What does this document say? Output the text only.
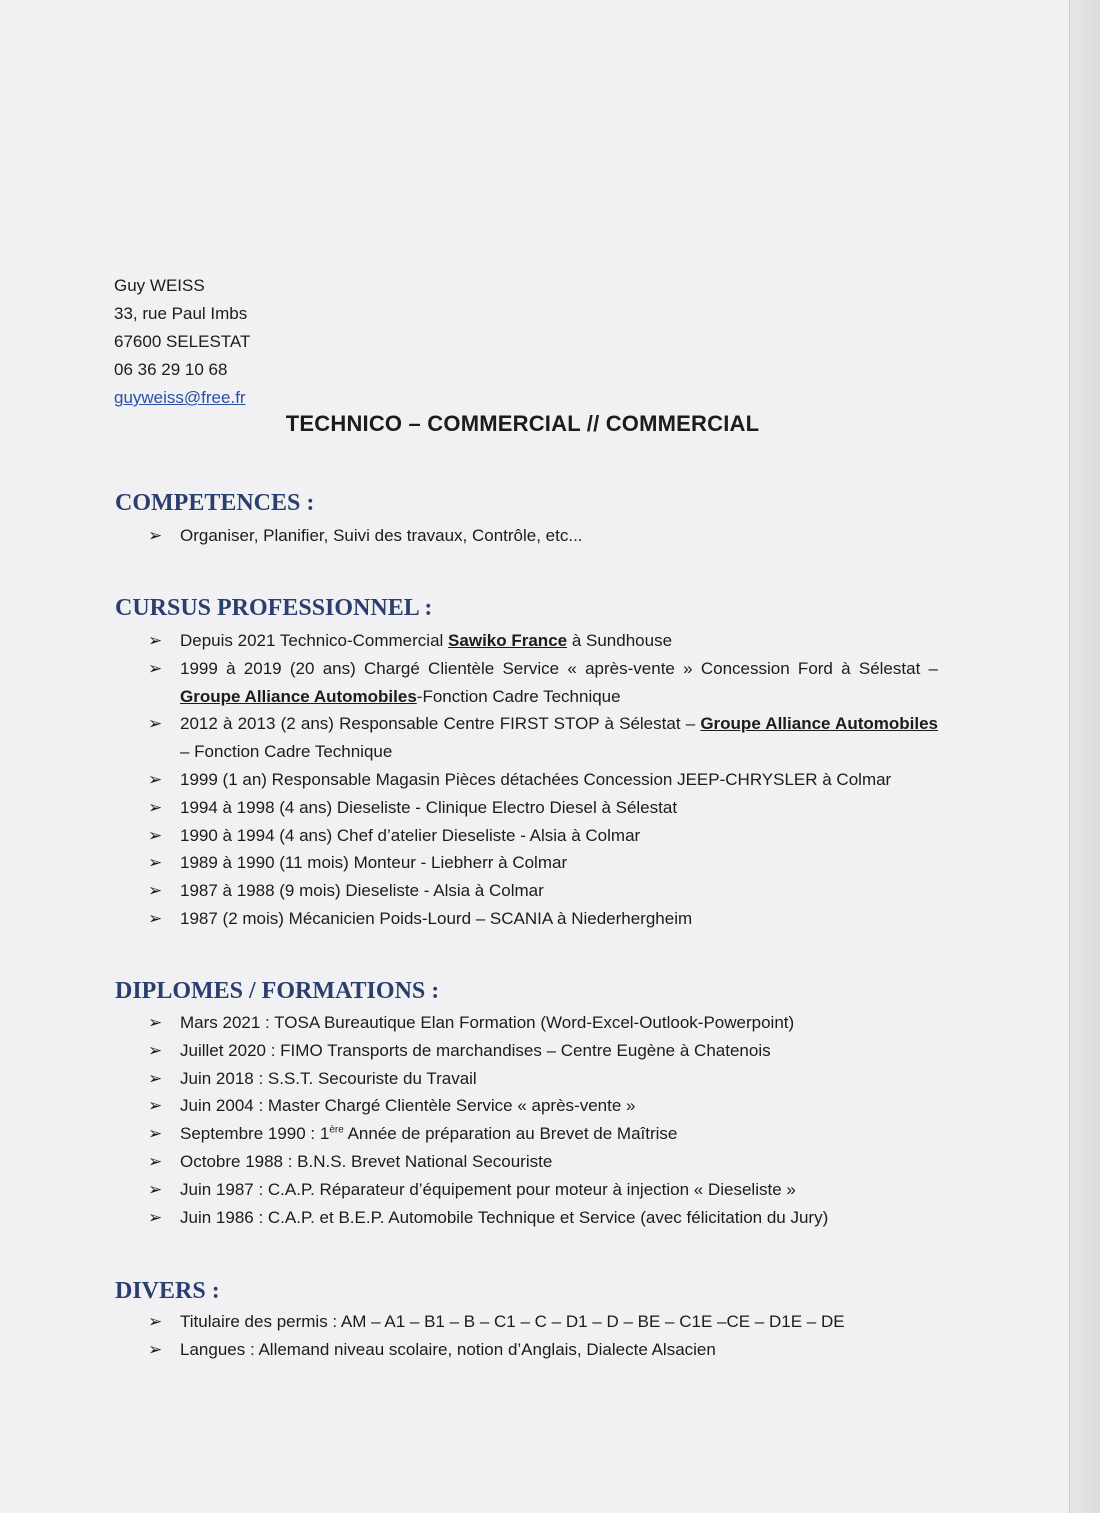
Guy WEISS
33, rue Paul Imbs
67600 SELESTAT
06 36 29 10 68
guyweiss@free.fr
TECHNICO – COMMERCIAL // COMMERCIAL
COMPETENCES :
➢ Organiser, Planifier, Suivi des travaux, Contrôle, etc...
CURSUS PROFESSIONNEL :
➢ Depuis 2021 Technico-Commercial Sawiko France à Sundhouse
➢ 1999 à 2019 (20 ans) Chargé Clientèle Service « après-vente » Concession Ford à Sélestat – Groupe Alliance Automobiles-Fonction Cadre Technique
➢ 2012 à 2013 (2 ans) Responsable Centre FIRST STOP à Sélestat – Groupe Alliance Automobiles – Fonction Cadre Technique
➢ 1999 (1 an) Responsable Magasin Pièces détachées Concession JEEP-CHRYSLER à Colmar
➢ 1994 à 1998 (4 ans) Dieseliste - Clinique Electro Diesel à Sélestat
➢ 1990 à 1994 (4 ans) Chef d’atelier Dieseliste - Alsia à Colmar
➢ 1989 à 1990 (11 mois) Monteur - Liebherr à Colmar
➢ 1987 à 1988 (9 mois) Dieseliste - Alsia à Colmar
➢ 1987 (2 mois) Mécanicien Poids-Lourd – SCANIA à Niederhergheim
DIPLOMES / FORMATIONS :
➢ Mars 2021 : TOSA Bureautique Elan Formation (Word-Excel-Outlook-Powerpoint)
➢ Juillet 2020 : FIMO Transports de marchandises – Centre Eugène à Chatenois
➢ Juin 2018 : S.S.T. Secouriste du Travail
➢ Juin 2004 : Master Chargé Clientèle Service « après-vente »
➢ Septembre 1990 : 1ère Année de préparation au Brevet de Maîtrise
➢ Octobre 1988 : B.N.S. Brevet National Secouriste
➢ Juin 1987 : C.A.P. Réparateur d’équipement pour moteur à injection « Dieseliste »
➢ Juin 1986 : C.A.P. et B.E.P. Automobile Technique et Service (avec félicitation du Jury)
DIVERS :
➢ Titulaire des permis : AM – A1 – B1 – B – C1 – C – D1 – D – BE – C1E –CE – D1E – DE
➢ Langues : Allemand niveau scolaire, notion d’Anglais, Dialecte Alsacien
